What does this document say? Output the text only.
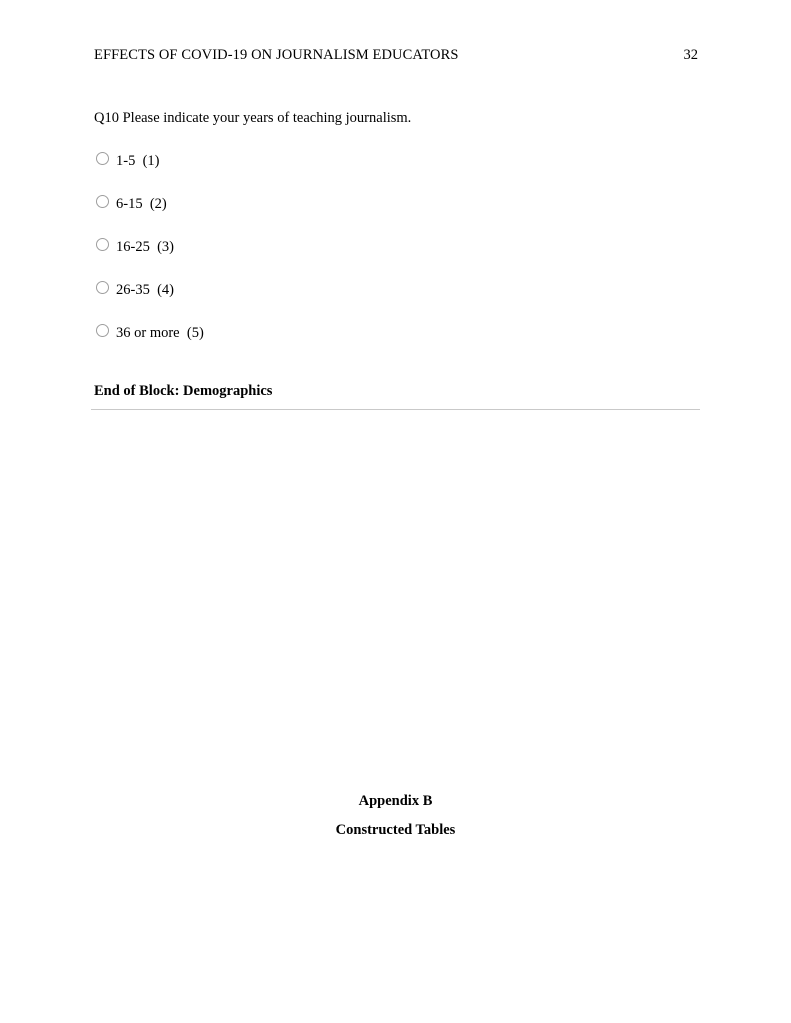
EFFECTS OF COVID-19 ON JOURNALISM EDUCATORS	32
Q10 Please indicate your years of teaching journalism.
1-5  (1)
6-15  (2)
16-25  (3)
26-35  (4)
36 or more  (5)
End of Block: Demographics
Appendix B
Constructed Tables
